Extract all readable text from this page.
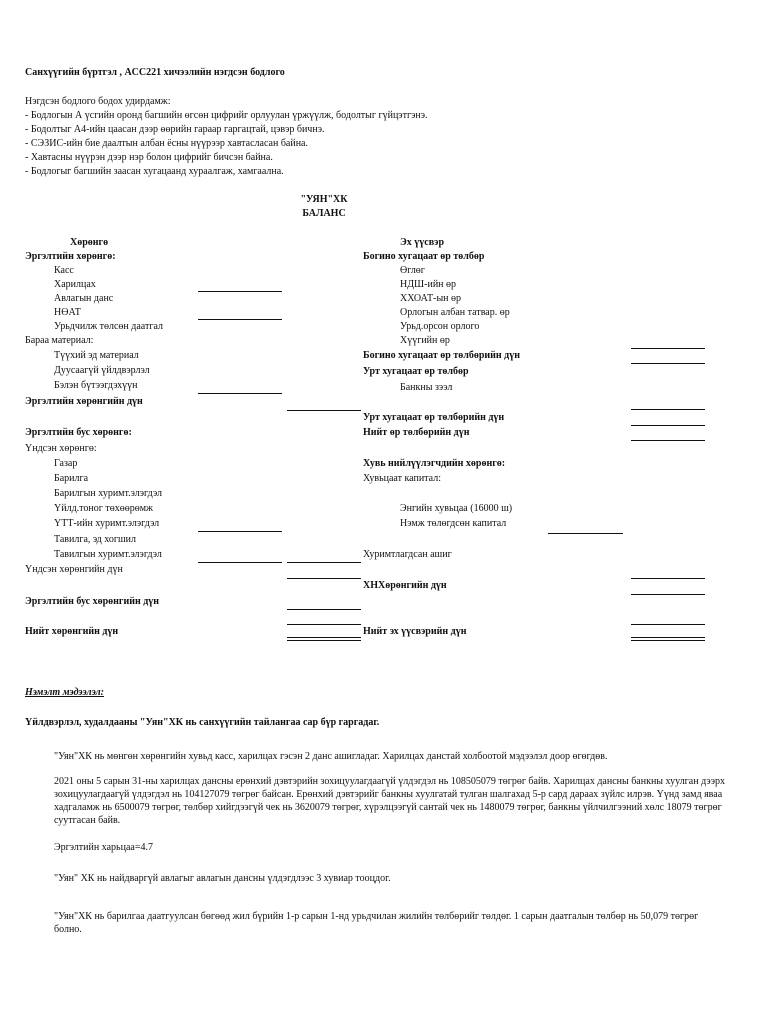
Санхүүгийн бүртгэл , ACC221 хичээлийн нэгдсэн бодлого
Нэгдсэн бодлого бодох удирдамж:
- Бодлогын А үсгийн оронд багшийн өгсөн цифрийг орлуулан үржүүлж, бодолтыг гүйцэтгэнэ.
- Бодолтыг А4-ийн цаасан дээр өөрийн гараар гаргацтай, цэвэр бичнэ.
- СЭЗИС-ийн бие даалтын албан ёсны нүүрээр хавтасласан байна.
- Хавтасны нүүрэн дээр нэр болон цифрийг бичсэн байна.
- Бодлогыг багшийн заасан хугацаанд хураалгаж, хамгаална.
"УЯН"ХК
БАЛАНС
Хөрөнгө
Эргэлтийн хөрөнгө:
Касс
Харилцах
Авлагын данс
НӨАТ
Урьдчилж төлсөн даатгал
Бараа материал:
Түүхий эд материал
Дуусаагүй үйлдвэрлэл
Бэлэн бүтээгдэхүүн
Эргэлтийн хөрөнгийн дүн
Эргэлтийн бус хөрөнгө:
Үндсэн хөрөнгө:
Газар
Барилга
Барилгын хуримт.элэгдэл
Үйлд.тоног төхөөрөмж
ҮТТ-ийн хуримт.элэгдэл
Тавилга, эд хогшил
Тавилгын хуримт.элэгдэл
Үндсэн хөрөнгийн дүн
Эргэлтийн бус хөрөнгийн дүн
Нийт хөрөнгийн дүн
Эх үүсвэр
Богино хугацаат өр төлбөр
Өглөг
НДШ-ийн өр
ХХОАТ-ын өр
Орлогын албан татвар. өр
Урьд.орсон орлого
Хүүгийн өр
Богино хугацаат өр төлбөрийн дүн
Урт хугацаат өр төлбөр
Банкны зээл
Урт хугацаат өр төлбөрийн дүн
Нийт өр төлбөрийн дүн
Хувь нийлүүлэгчдийн хөрөнгө:
Хувьцаат капитал:
Энгийн хувьцаа (16000 ш)
Нэмж төлөгдсөн капитал
Хуримтлагдсан ашиг
ХНХөрөнгийн дүн
Нийт эх үүсвэрийн дүн
Нэмэлт мэдээлэл:
Үйлдвэрлэл, худалдааны "Уян"ХК нь санхүүгийн тайлангаа сар бүр гаргадаг.
"Уян"ХК нь мөнгөн хөрөнгийн хувьд касс, харилцах гэсэн 2 данс ашигладаг. Харилцах данстай холбоотой мэдээлэл доор өгөгдөв.
2021 оны 5 сарын 31-ны харилцах дансны ерөнхий дэвтэрийн зохицуулагдаагүй үлдэгдэл нь 108505079 төгрөг байв. Харилцах дансны банкны хуулган дээрх зохицуулагдаагүй үлдэгдэл нь 104127079 төгрөг байсан. Ерөнхий дэвтэрийг банкны хуулгатай тулган шалгахад 5-р сард дараах зүйлс илрэв. Үүнд замд яваа хадгаламж нь 6500079 төгрөг, төлбөр хийгдээгүй чек нь 3620079 төгрөг, хүрэлцээгүй сантай чек нь 1480079 төгрөг, банкны үйлчилгээний хөлс 18079 төгрөг суутгасан байв.
Эргэлтийн харьцаа=4.7
"Уян" ХК нь найдваргүй авлагыг авлагын дансны үлдэгдлээс 3 хувиар тооцдог.
"Уян"ХК нь барилгаа даатгуулсан бөгөөд жил бүрийн 1-р сарын 1-нд урьдчилан жилийн төлбөрийг төлдөг. 1 сарын даатгалын төлбөр нь 50,079 төгрөг болно.
